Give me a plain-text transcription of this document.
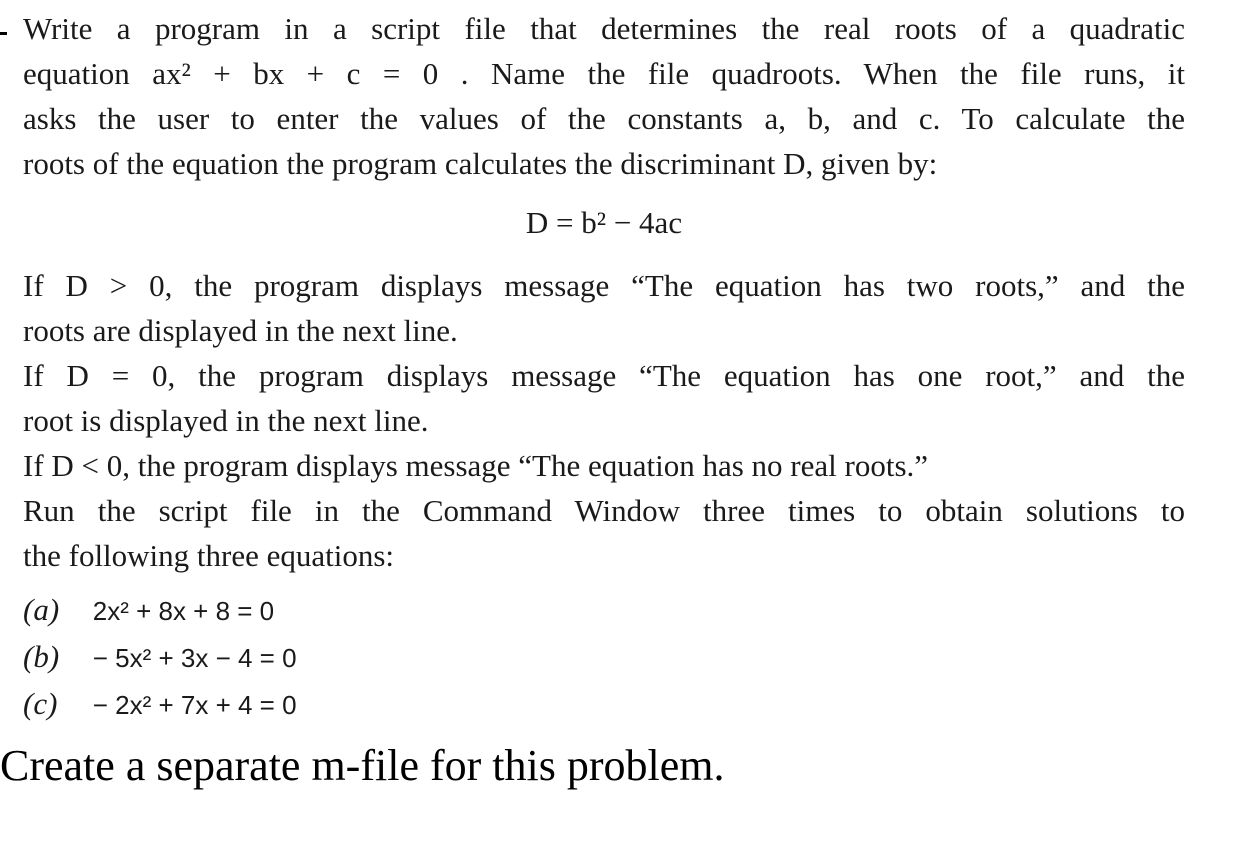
Write a program in a script file that determines the real roots of a quadratic
equation ax² + bx + c = 0 . Name the file quadroots. When the file runs, it
asks the user to enter the values of the constants a, b, and c. To calculate the
roots of the equation the program calculates the discriminant D, given by:

D = b² − 4ac

If D > 0, the program displays message “The equation has two roots,” and the
roots are displayed in the next line.

If D = 0, the program displays message “The equation has one root,” and the
root is displayed in the next line.

If D < 0, the program displays message “The equation has no real roots.”

Run the script file in the Command Window three times to obtain solutions to
the following three equations:

(a) 2x² + 8x + 8 = 0
(b) − 5x² + 3x − 4 = 0
(c) − 2x² + 7x + 4 = 0
Create a separate m-file for this problem.
